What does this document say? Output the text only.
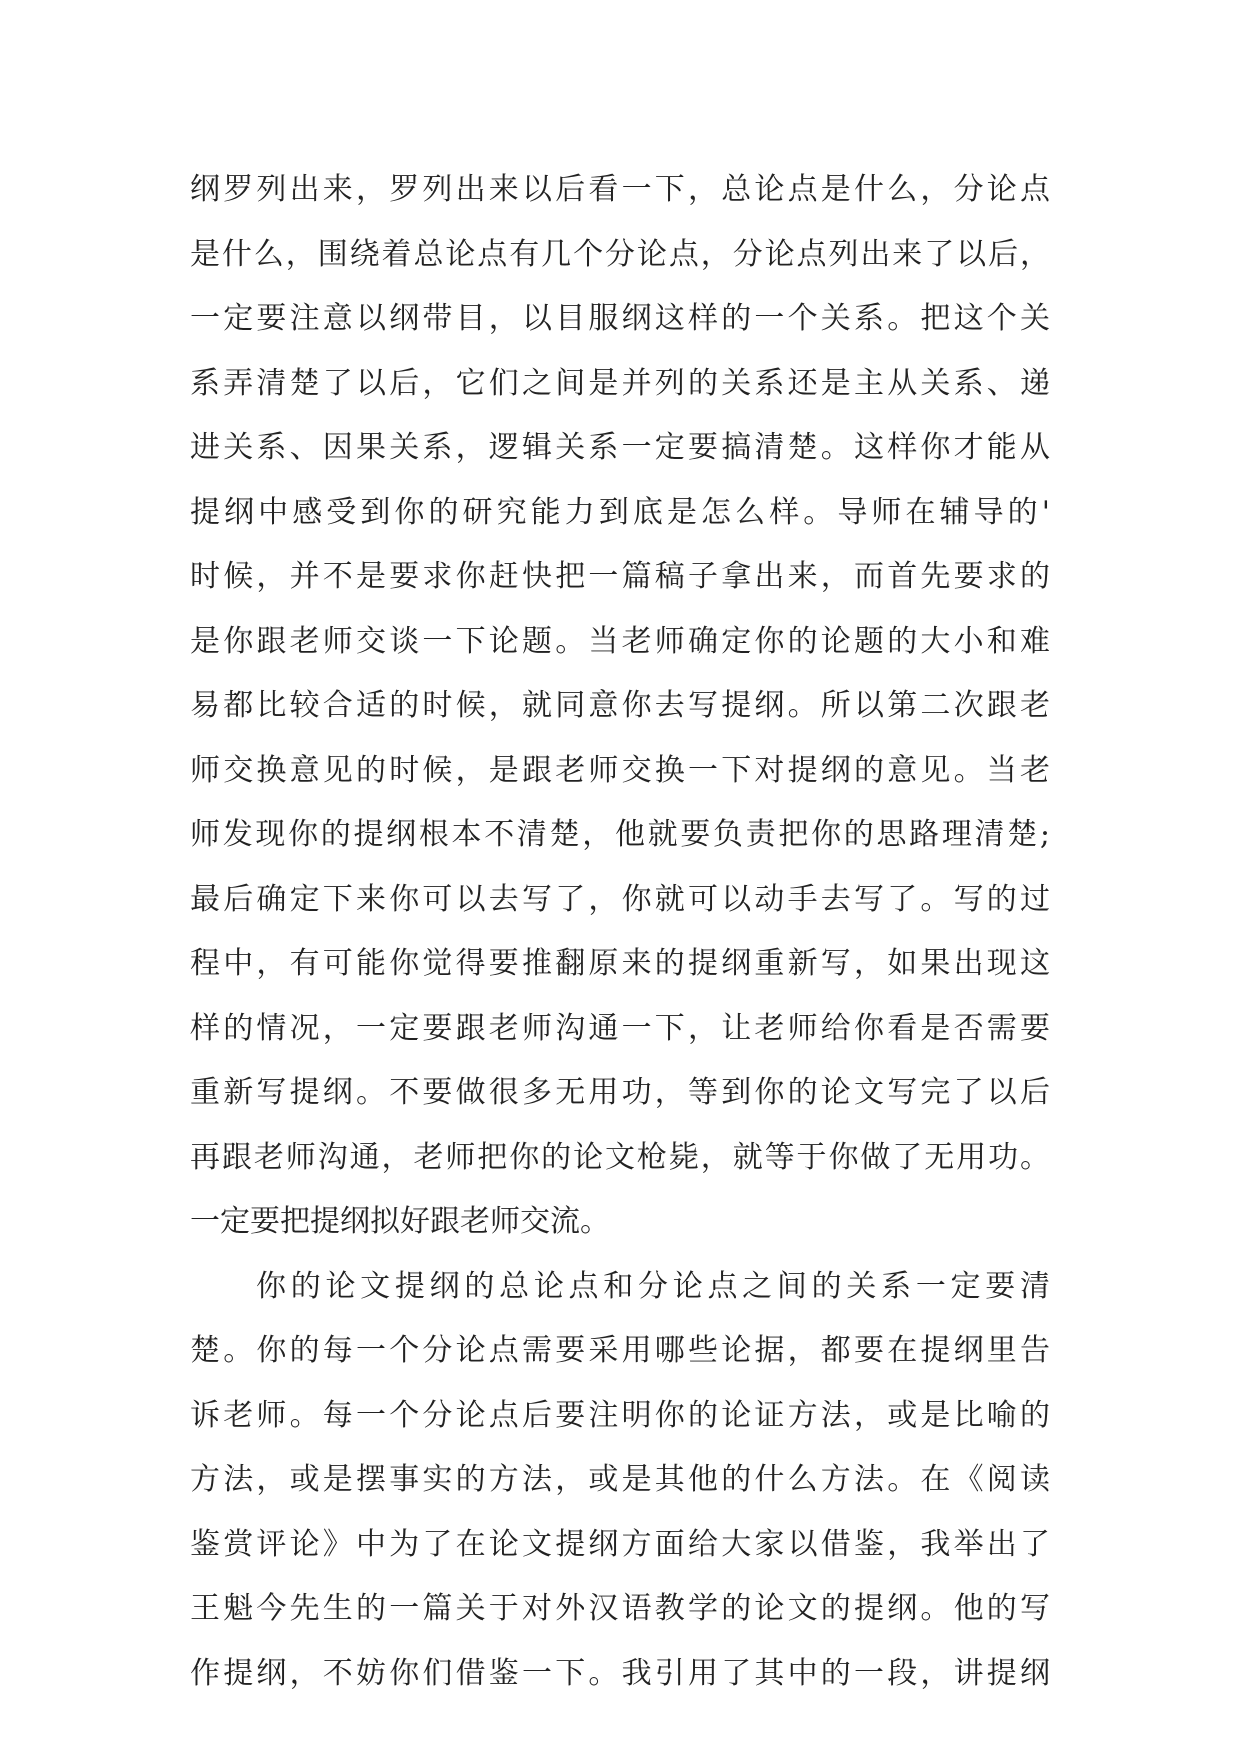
纲罗列出来，罗列出来以后看一下，总论点是什么，分论点
是什么，围绕着总论点有几个分论点，分论点列出来了以后，
一定要注意以纲带目，以目服纲这样的一个关系。把这个关
系弄清楚了以后，它们之间是并列的关系还是主从关系、递
进关系、因果关系，逻辑关系一定要搞清楚。这样你才能从
提纲中感受到你的研究能力到底是怎么样。导师在辅导的'
时候，并不是要求你赶快把一篇稿子拿出来，而首先要求的
是你跟老师交谈一下论题。当老师确定你的论题的大小和难
易都比较合适的时候，就同意你去写提纲。所以第二次跟老
师交换意见的时候，是跟老师交换一下对提纲的意见。当老
师发现你的提纲根本不清楚，他就要负责把你的思路理清楚;
最后确定下来你可以去写了，你就可以动手去写了。写的过
程中，有可能你觉得要推翻原来的提纲重新写，如果出现这
样的情况，一定要跟老师沟通一下，让老师给你看是否需要
重新写提纲。不要做很多无用功，等到你的论文写完了以后
再跟老师沟通，老师把你的论文枪毙，就等于你做了无用功。
一定要把提纲拟好跟老师交流。
你的论文提纲的总论点和分论点之间的关系一定要清
楚。你的每一个分论点需要采用哪些论据，都要在提纲里告
诉老师。每一个分论点后要注明你的论证方法，或是比喻的
方法，或是摆事实的方法，或是其他的什么方法。在《阅读
鉴赏评论》中为了在论文提纲方面给大家以借鉴，我举出了
王魁今先生的一篇关于对外汉语教学的论文的提纲。他的写
作提纲，不妨你们借鉴一下。我引用了其中的一段，讲提纲
